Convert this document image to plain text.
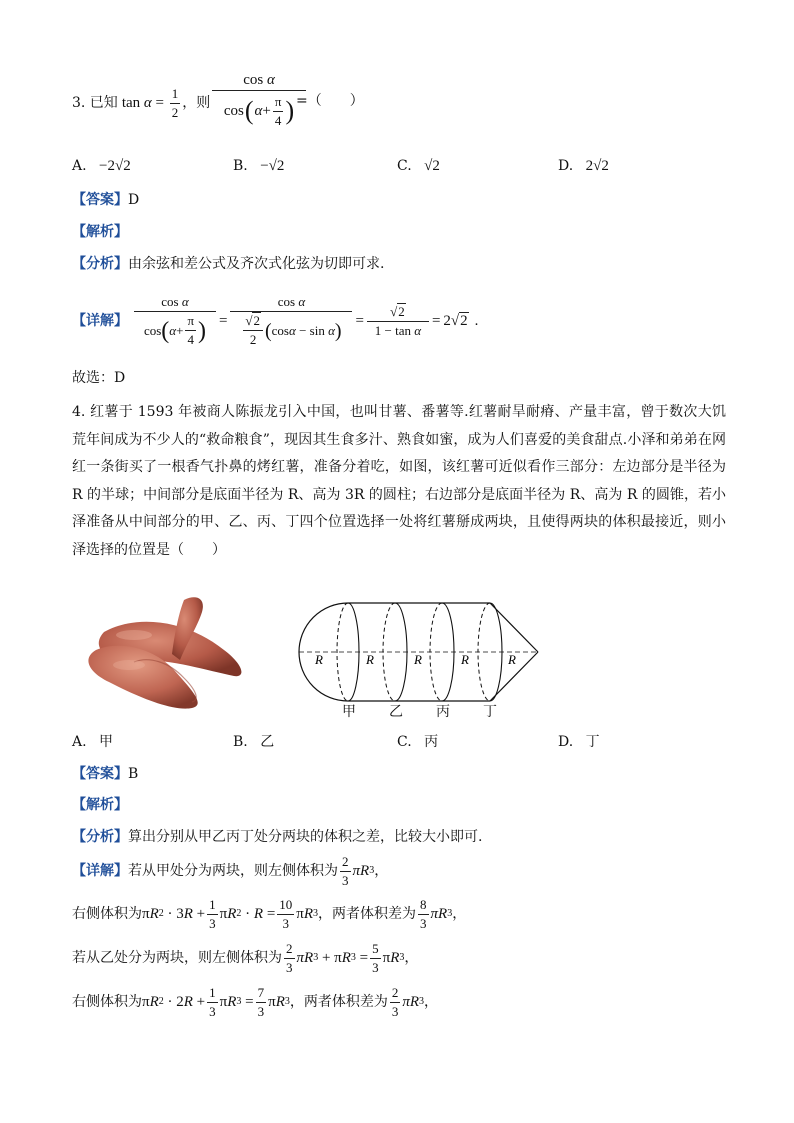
3. 已知 $\tan \alpha = \frac{1}{2}$ ，则
cos α
cos ( $\alpha + \frac{\pi}{4}$ ) =（　　）
A. −2√2	B. −√2	C. √2	D. 2√2
【答案】D
【解析】
【分析】由余弦和差公式及齐次式化弦为切即可求.
【详解】 $\frac{\text{cos α}}{\cos ( \alpha + \frac{\pi}{4} )} = \frac{\text{cos α}}{\frac{√2}{2} ( \cos \alpha - \sin \alpha )} = \frac{√2}{\text{1 − tan α}} = 2√2$ .
故选：D
4. 红薯于 1593 年被商人陈振龙引入中国，也叫甘薯、番薯等.红薯耐旱耐瘠、产量丰富，曾于数次大饥荒年间成为不少人的“救命粮食”，现因其生食多汁、熟食如蜜，成为人们喜爱的美食甜点.小泽和弟弟在网红一条街买了一根香气扑鼻的烤红薯，准备分着吃，如图，该红薯可近似看作三部分：左边部分是半径为 R 的半球；中间部分是底面半径为 R、高为 3R 的圆柱；右边部分是底面半径为 R、高为 R 的圆锥，若小泽准备从中间部分的甲、乙、丙、丁四个位置选择一处将红薯掰成两块，且使得两块的体积最接近，则小泽选择的位置是（　　）
R	R	R	R	R
甲 乙 丙 丁
A. 甲	B. 乙	C. 丙	D. 丁
【答案】B
【解析】
【分析】算出分别从甲乙丙丁处分两块的体积之差，比较大小即可.
【详解】 若从甲处分为两块，则左侧体积为 $\frac{2}{3}$ π R 3 ，
右侧体积为 π R 2 · 3 $R + \frac{1}{3}$ π R $2 \cdot R = \frac{10}{3}$ π R 3 ，两者体积差为 $\frac{8}{3}$ πR 3 ，
若从乙处分为两块，则左侧体积为 $\frac{2}{3}$ πR 3 + π R $3 = \frac{5}{3}$ π R 3 ，
右侧体积为 π R 2 · 2 $R + \frac{1}{3}$ π R $3 = \frac{7}{3}$ π R 3 ，两者体积差为 $\frac{2}{3}$ πR 3 ，
